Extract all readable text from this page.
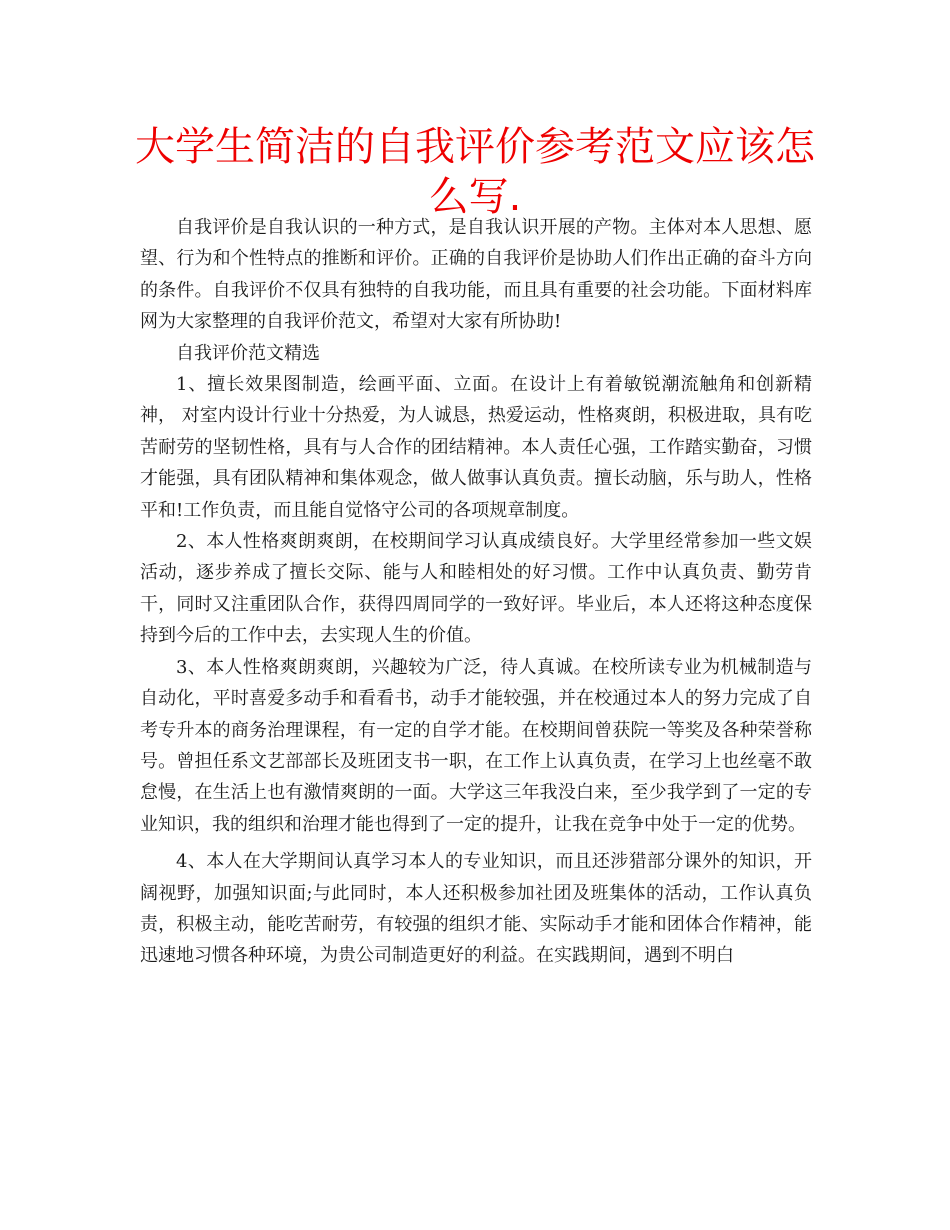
大学生简洁的自我评价参考范文应该怎么写.

自我评价是自我认识的一种方式，是自我认识开展的产物。主体对本人思想、愿望、行为和个性特点的推断和评价。正确的自我评价是协助人们作出正确的奋斗方向的条件。自我评价不仅具有独特的自我功能，而且具有重要的社会功能。下面材料库网为大家整理的自我评价范文，希望对大家有所协助!

自我评价范文精选

1、擅长效果图制造，绘画平面、立面。在设计上有着敏锐潮流触角和创新精神， 对室内设计行业十分热爱，为人诚恳，热爱运动，性格爽朗，积极进取，具有吃苦耐劳的坚韧性格，具有与人合作的团结精神。本人责任心强，工作踏实勤奋，习惯才能强，具有团队精神和集体观念，做人做事认真负责。擅长动脑，乐与助人，性格平和!工作负责，而且能自觉恪守公司的各项规章制度。

2、本人性格爽朗爽朗，在校期间学习认真成绩良好。大学里经常参加一些文娱活动，逐步养成了擅长交际、能与人和睦相处的好习惯。工作中认真负责、勤劳肯干，同时又注重团队合作，获得四周同学的一致好评。毕业后，本人还将这种态度保持到今后的工作中去，去实现人生的价值。

3、本人性格爽朗爽朗，兴趣较为广泛，待人真诚。在校所读专业为机械制造与自动化，平时喜爱多动手和看看书，动手才能较强，并在校通过本人的努力完成了自考专升本的商务治理课程，有一定的自学才能。在校期间曾获院一等奖及各种荣誉称号。曾担任系文艺部部长及班团支书一职，在工作上认真负责，在学习上也丝毫不敢怠慢，在生活上也有激情爽朗的一面。大学这三年我没白来，至少我学到了一定的专业知识，我的组织和治理才能也得到了一定的提升，让我在竞争中处于一定的优势。

4、本人在大学期间认真学习本人的专业知识，而且还涉猎部分课外的知识，开阔视野，加强知识面;与此同时，本人还积极参加社团及班集体的活动，工作认真负责，积极主动，能吃苦耐劳，有较强的组织才能、实际动手才能和团体合作精神，能迅速地习惯各种环境，为贵公司制造更好的利益。在实践期间，遇到不明白
